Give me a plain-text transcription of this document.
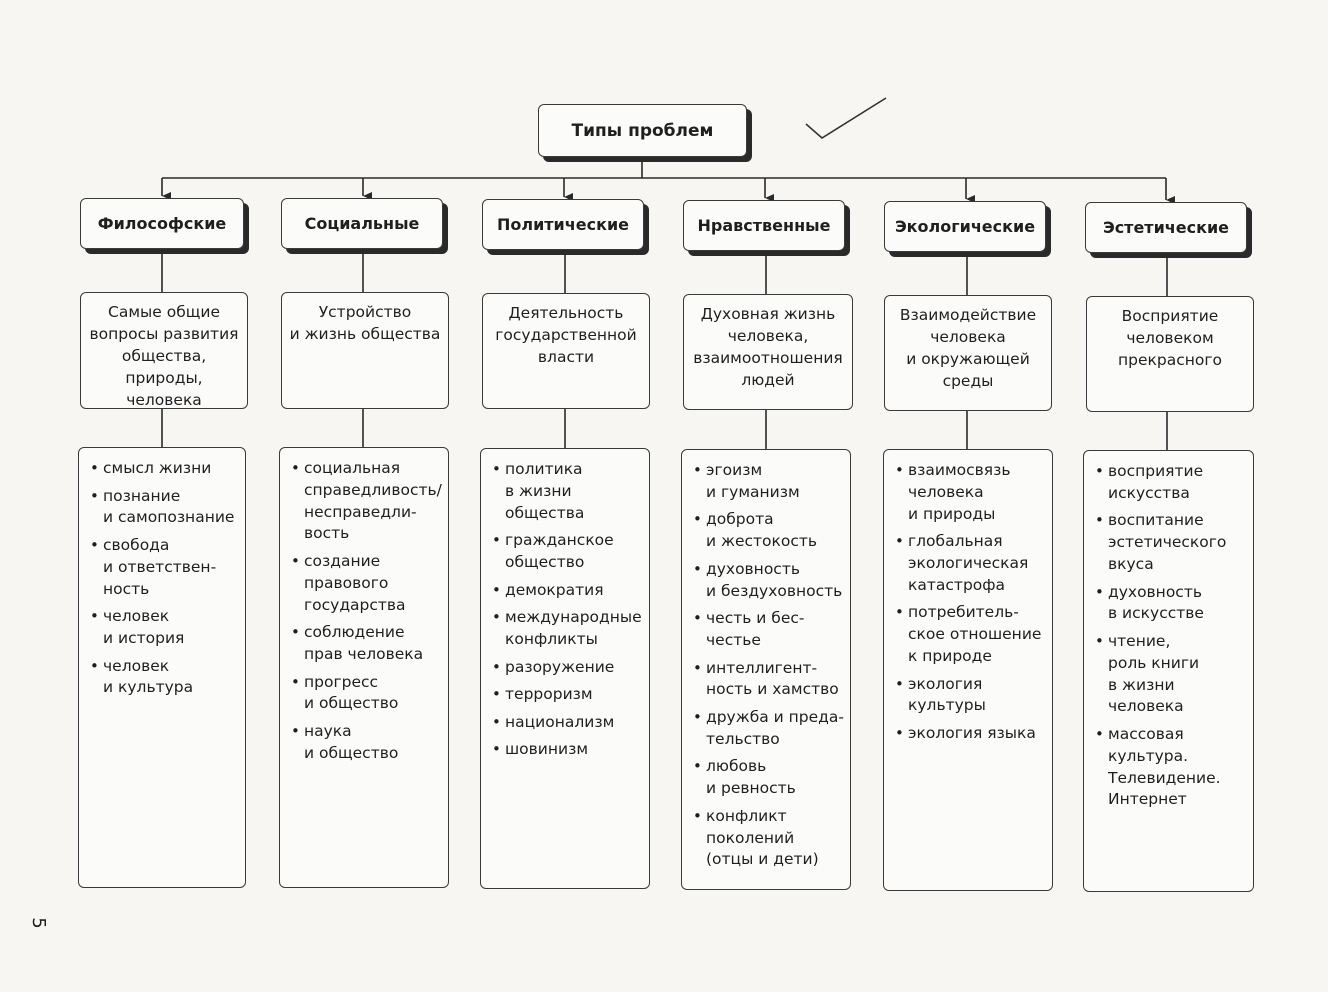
Типы проблем
Философские
Самые общие
вопросы развития
общества, природы,
человека
• смысл жизни
• познание
и самопознание
• свобода
и ответствен-
ность
• человек
и история
• человек
и культура
Социальные
Устройство
и жизнь общества
• социальная
справедливость/
несправедли-
вость
• создание
правового
государства
• соблюдение
прав человека
• прогресс
и общество
• наука
и общество
Политические
Деятельность
государственной
власти
• политика
в жизни
общества
• гражданское
общество
• демократия
• международные
конфликты
• разоружение
• терроризм
• национализм
• шовинизм
Нравственные
Духовная жизнь
человека,
взаимоотношения
людей
• эгоизм
и гуманизм
• доброта
и жестокость
• духовность
и бездуховность
• честь и бес-
честье
• интеллигент-
ность и хамство
• дружба и преда-
тельство
• любовь
и ревность
• конфликт
поколений
(отцы и дети)
Экологические
Взаимодействие
человека
и окружающей
среды
• взаимосвязь
человека
и природы
• глобальная
экологическая
катастрофа
• потребитель-
ское отношение
к природе
• экология
культуры
• экология языка
Эстетические
Восприятие
человеком
прекрасного
• восприятие
искусства
• воспитание
эстетического
вкуса
• духовность
в искусстве
• чтение,
роль книги
в жизни
человека
• массовая
культура.
Телевидение.
Интернет
5
